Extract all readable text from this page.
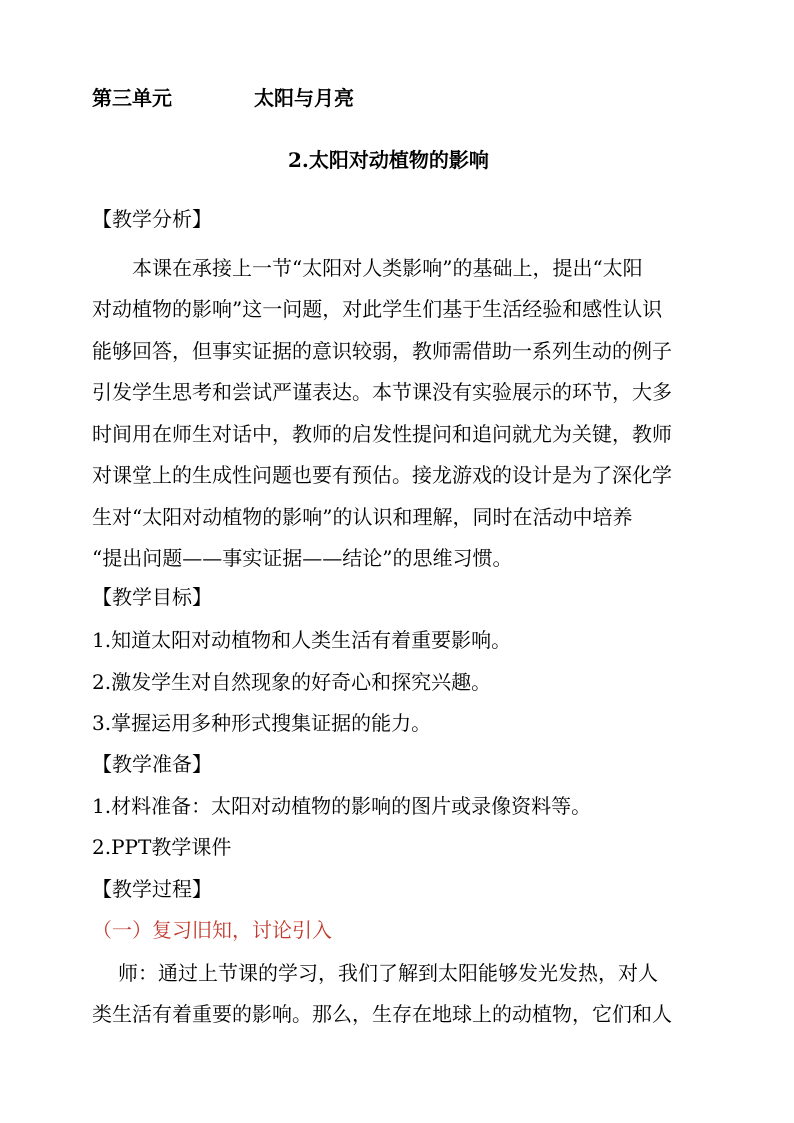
第三单元	太阳与月亮
2.太阳对动植物的影响
【教学分析】
本课在承接上一节“太阳对人类影响”的基础上，提出“太阳
对动植物的影响”这一问题，对此学生们基于生活经验和感性认识
能够回答，但事实证据的意识较弱，教师需借助一系列生动的例子
引发学生思考和尝试严谨表达。本节课没有实验展示的环节，大多
时间用在师生对话中，教师的启发性提问和追问就尤为关键，教师
对课堂上的生成性问题也要有预估。接龙游戏的设计是为了深化学
生对“太阳对动植物的影响”的认识和理解，同时在活动中培养
“提出问题——事实证据——结论”的思维习惯。
【教学目标】
1.知道太阳对动植物和人类生活有着重要影响。
2.激发学生对自然现象的好奇心和探究兴趣。
3.掌握运用多种形式搜集证据的能力。
【教学准备】
1.材料准备：太阳对动植物的影响的图片或录像资料等。
2.PPT教学课件
【教学过程】
（一）复习旧知，讨论引入
师：通过上节课的学习，我们了解到太阳能够发光发热，对人
类生活有着重要的影响。那么，生存在地球上的动植物，它们和人
